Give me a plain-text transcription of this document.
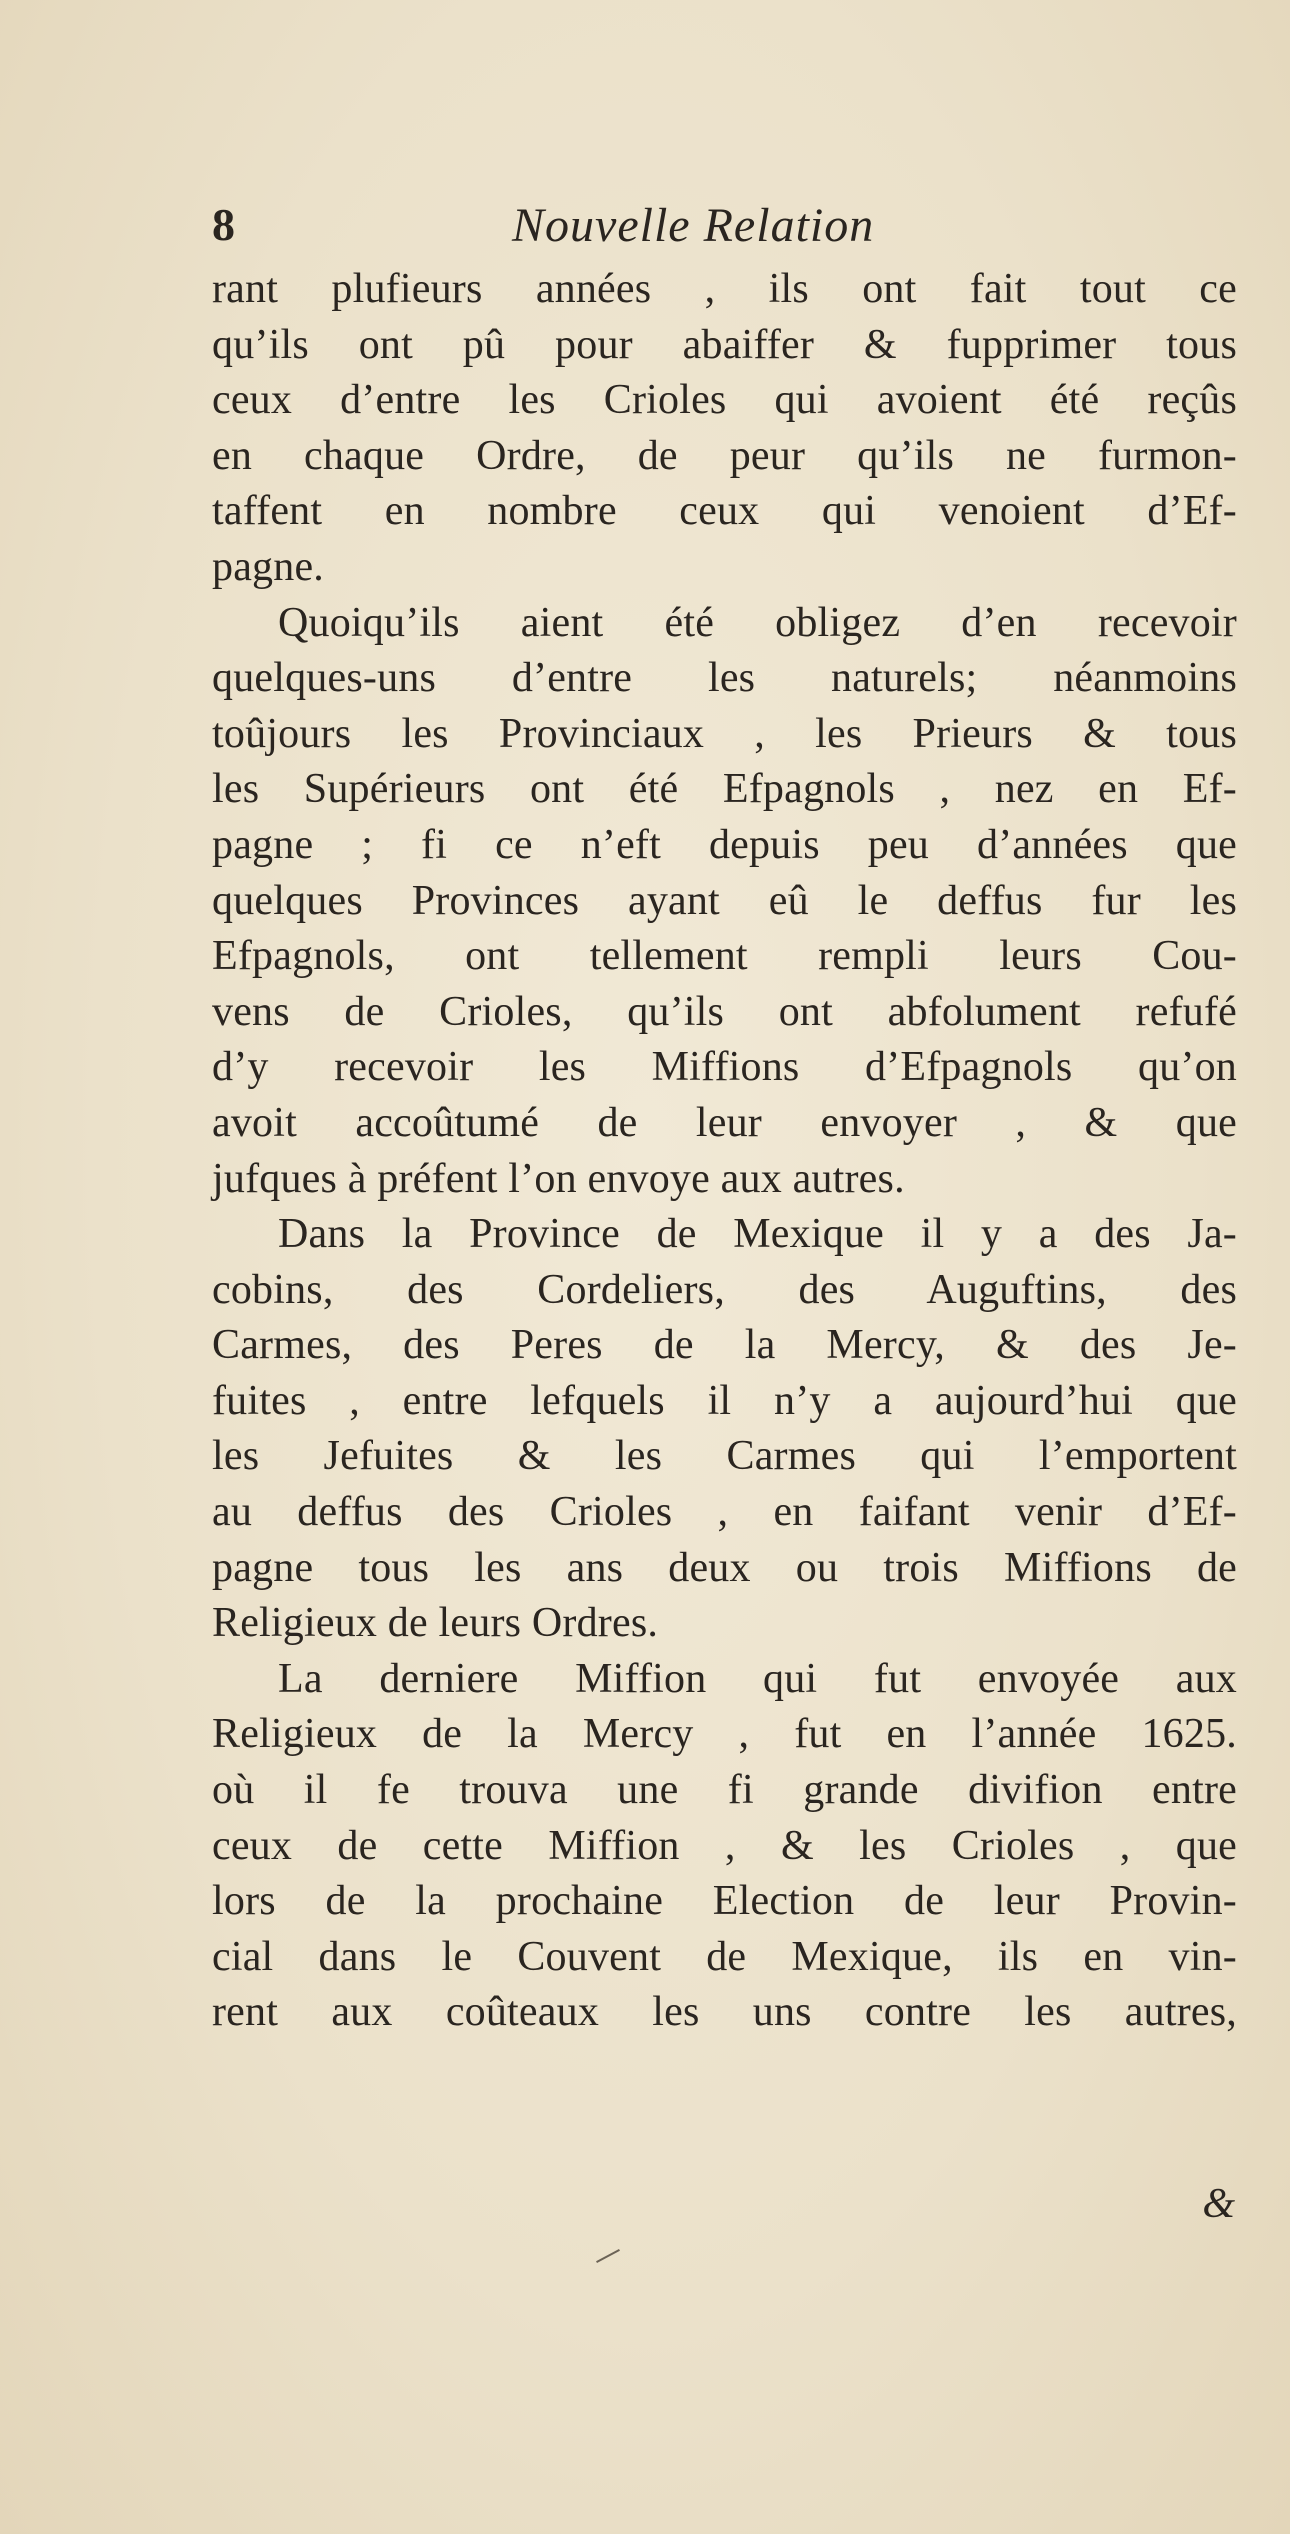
8	Nouvelle Relation
rant plufieurs années , ils ont fait tout ce
qu’ils ont pû pour abaiffer & fupprimer tous
ceux d’entre les Crioles qui avoient été reçûs
en chaque Ordre, de peur qu’ils ne furmon-
taffent en nombre ceux qui venoient d’Ef-
pagne.
Quoiqu’ils aient été obligez d’en recevoir
quelques-uns d’entre les naturels; néanmoins
toûjours les Provinciaux , les Prieurs & tous
les Supérieurs ont été Efpagnols , nez en Ef-
pagne ; fi ce n’eft depuis peu d’années que
quelques Provinces ayant eû le deffus fur les
Efpagnols, ont tellement rempli leurs Cou-
vens de Crioles, qu’ils ont abfolument refufé
d’y recevoir les Miffions d’Efpagnols qu’on
avoit accoûtumé de leur envoyer , & que
jufques à préfent l’on envoye aux autres.
Dans la Province de Mexique il y a des Ja-
cobins, des Cordeliers, des Auguftins, des
Carmes, des Peres de la Mercy, & des Je-
fuites , entre lefquels il n’y a aujourd’hui que
les Jefuites & les Carmes qui l’emportent
au deffus des Crioles , en faifant venir d’Ef-
pagne tous les ans deux ou trois Miffions de
Religieux de leurs Ordres.
La derniere Miffion qui fut envoyée aux
Religieux de la Mercy , fut en l’année 1625.
où il fe trouva une fi grande divifion entre
ceux de cette Miffion , & les Crioles , que
lors de la prochaine Election de leur Provin-
cial dans le Couvent de Mexique, ils en vin-
rent aux coûteaux les uns contre les autres,
&
